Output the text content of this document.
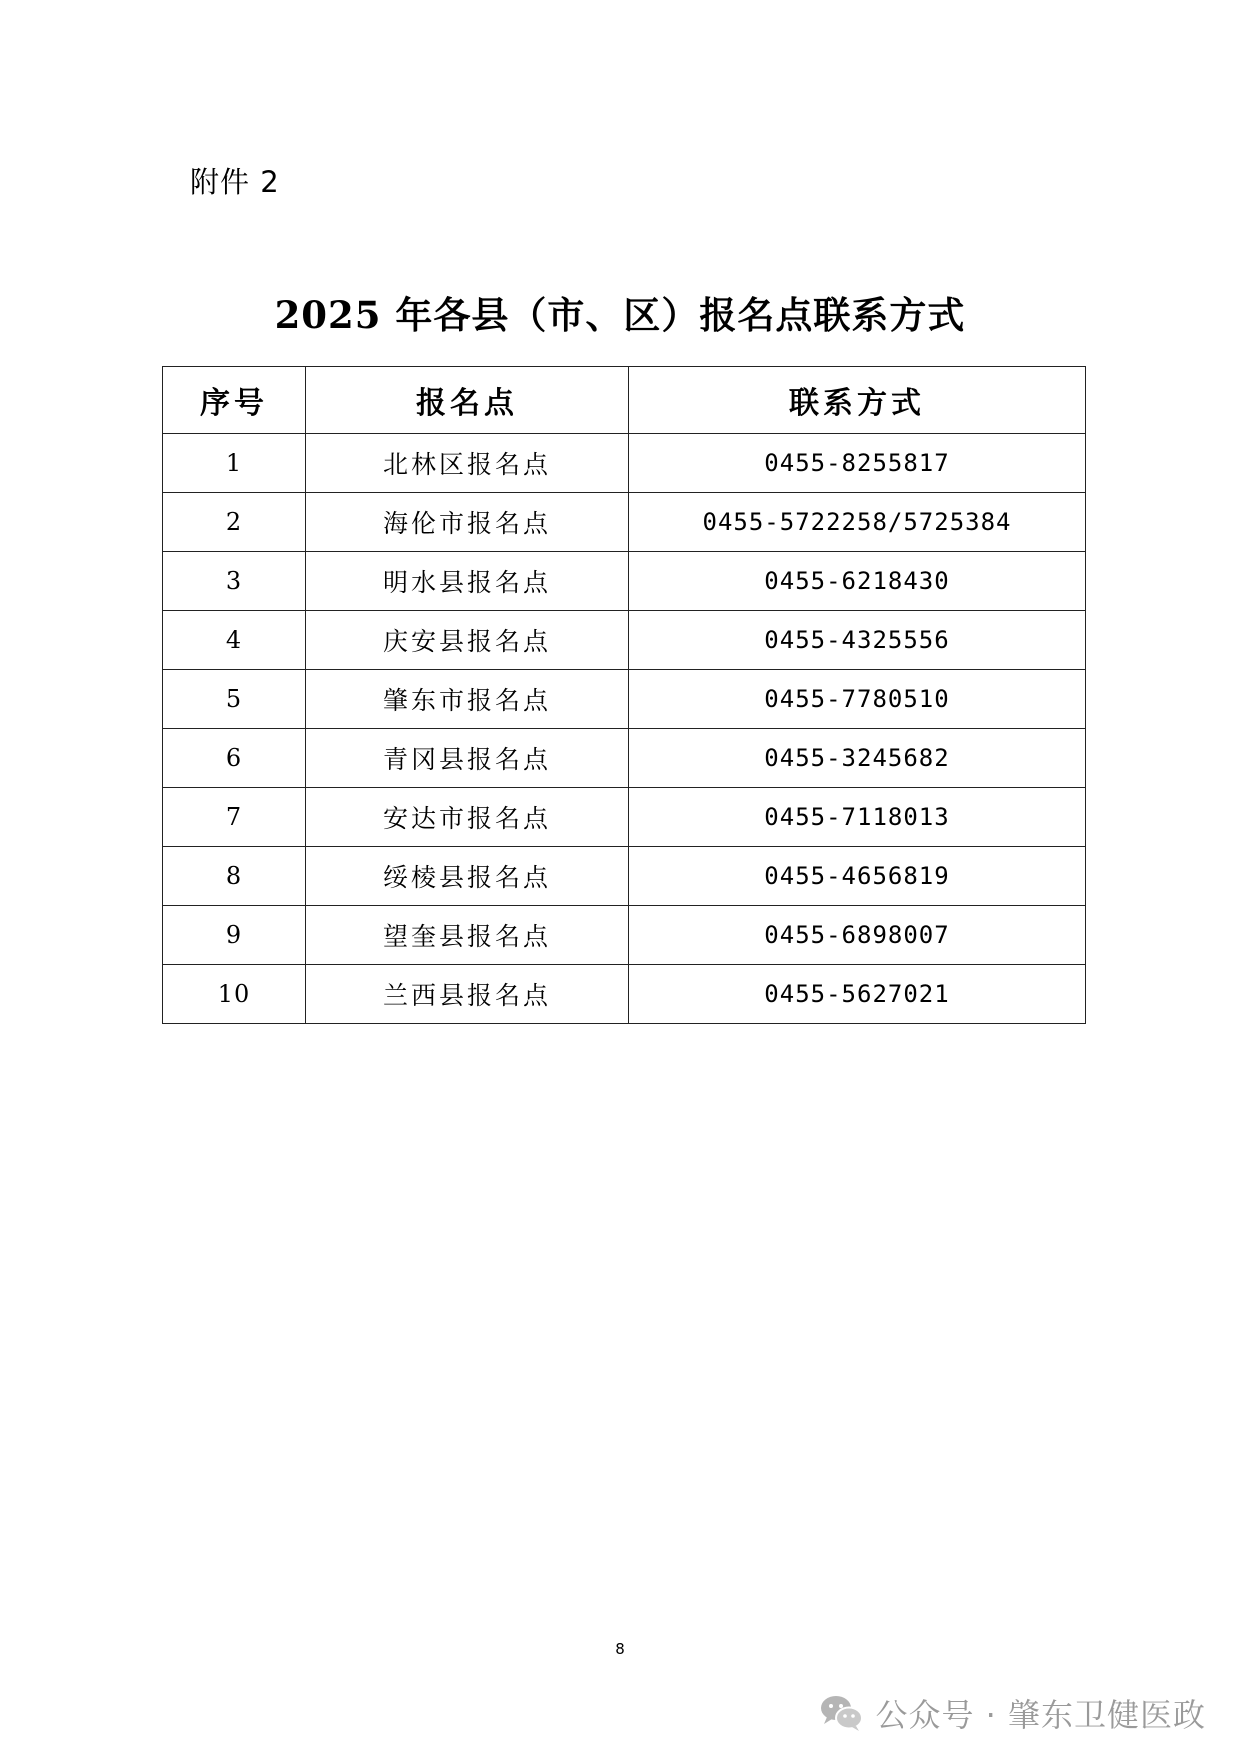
附件 2
2025 年各县（市、区）报名点联系方式
序号	报名点	联系方式
1	北林区报名点	0455-8255817
2	海伦市报名点	0455-5722258/5725384
3	明水县报名点	0455-6218430
4	庆安县报名点	0455-4325556
5	肇东市报名点	0455-7780510
6	青冈县报名点	0455-3245682
7	安达市报名点	0455-7118013
8	绥棱县报名点	0455-4656819
9	望奎县报名点	0455-6898007
10	兰西县报名点	0455-5627021
8
公众号 · 肇东卫健医政
